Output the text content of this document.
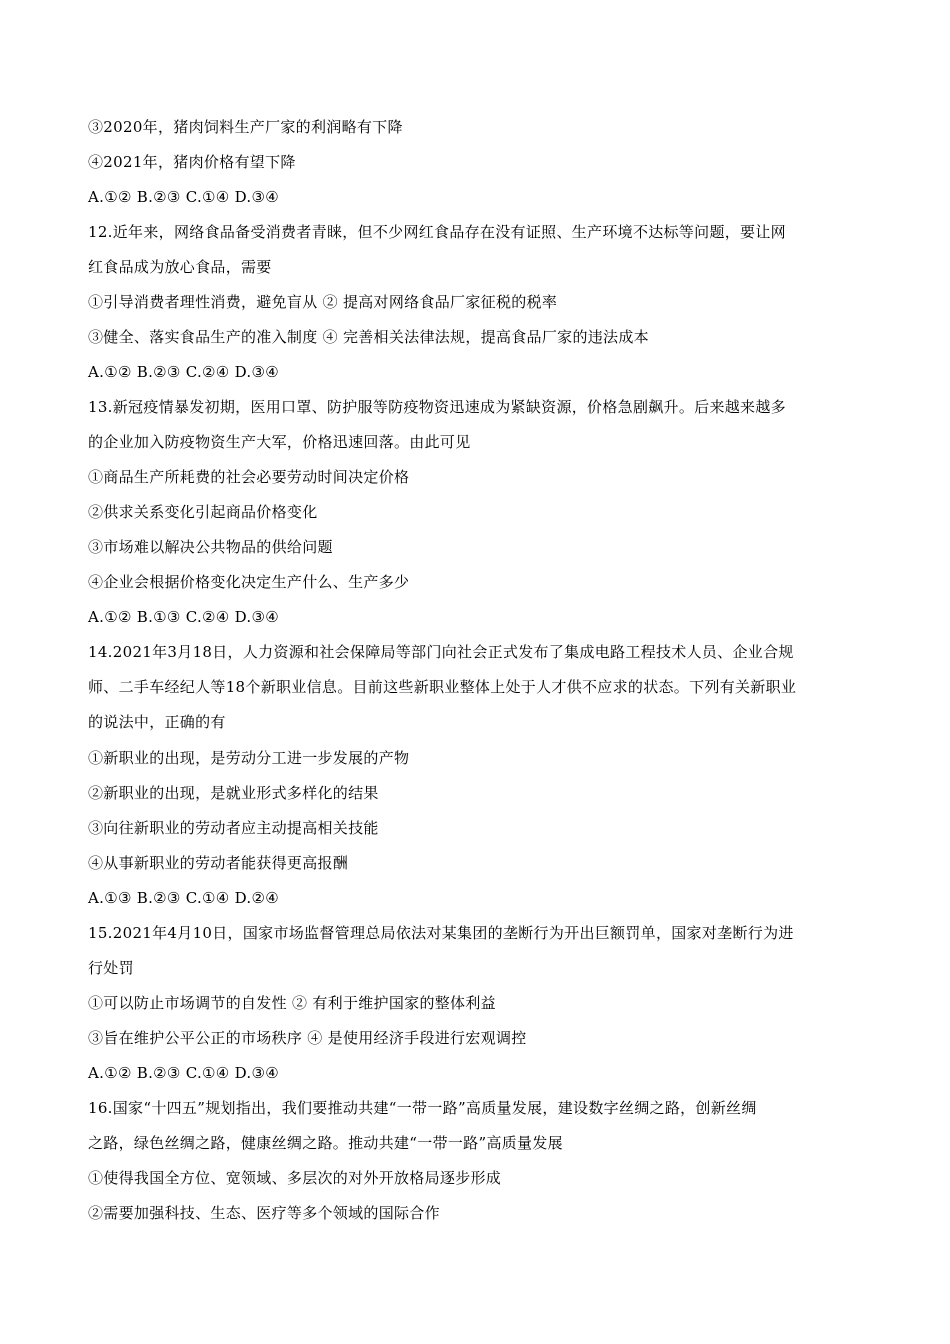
③2020年，猪肉饲料生产厂家的利润略有下降
④2021年，猪肉价格有望下降
A.①② B.②③ C.①④ D.③④
12.近年来，网络食品备受消费者青睐，但不少网红食品存在没有证照、生产环境不达标等问题，要让网
红食品成为放心食品，需要
①引导消费者理性消费，避免盲从 ② 提高对网络食品厂家征税的税率
③健全、落实食品生产的准入制度 ④ 完善相关法律法规，提高食品厂家的违法成本
A.①② B.②③ C.②④ D.③④
13.新冠疫情暴发初期，医用口罩、防护服等防疫物资迅速成为紧缺资源，价格急剧飙升。后来越来越多
的企业加入防疫物资生产大军，价格迅速回落。由此可见
①商品生产所耗费的社会必要劳动时间决定价格
②供求关系变化引起商品价格变化
③市场难以解决公共物品的供给问题
④企业会根据价格变化决定生产什么、生产多少
A.①② B.①③ C.②④ D.③④
14.2021年3月18日，人力资源和社会保障局等部门向社会正式发布了集成电路工程技术人员、企业合规
师、二手车经纪人等18个新职业信息。目前这些新职业整体上处于人才供不应求的状态。下列有关新职业
的说法中，正确的有
①新职业的出现，是劳动分工进一步发展的产物
②新职业的出现，是就业形式多样化的结果
③向往新职业的劳动者应主动提高相关技能
④从事新职业的劳动者能获得更高报酬
A.①③ B.②③ C.①④ D.②④
15.2021年4月10日，国家市场监督管理总局依法对某集团的垄断行为开出巨额罚单，国家对垄断行为进
行处罚
①可以防止市场调节的自发性 ② 有利于维护国家的整体利益
③旨在维护公平公正的市场秩序 ④ 是使用经济手段进行宏观调控
A.①② B.②③ C.①④ D.③④
16.国家“十四五”规划指出，我们要推动共建“一带一路”高质量发展，建设数字丝绸之路，创新丝绸
之路，绿色丝绸之路，健康丝绸之路。推动共建“一带一路”高质量发展
①使得我国全方位、宽领域、多层次的对外开放格局逐步形成
②需要加强科技、生态、医疗等多个领域的国际合作
